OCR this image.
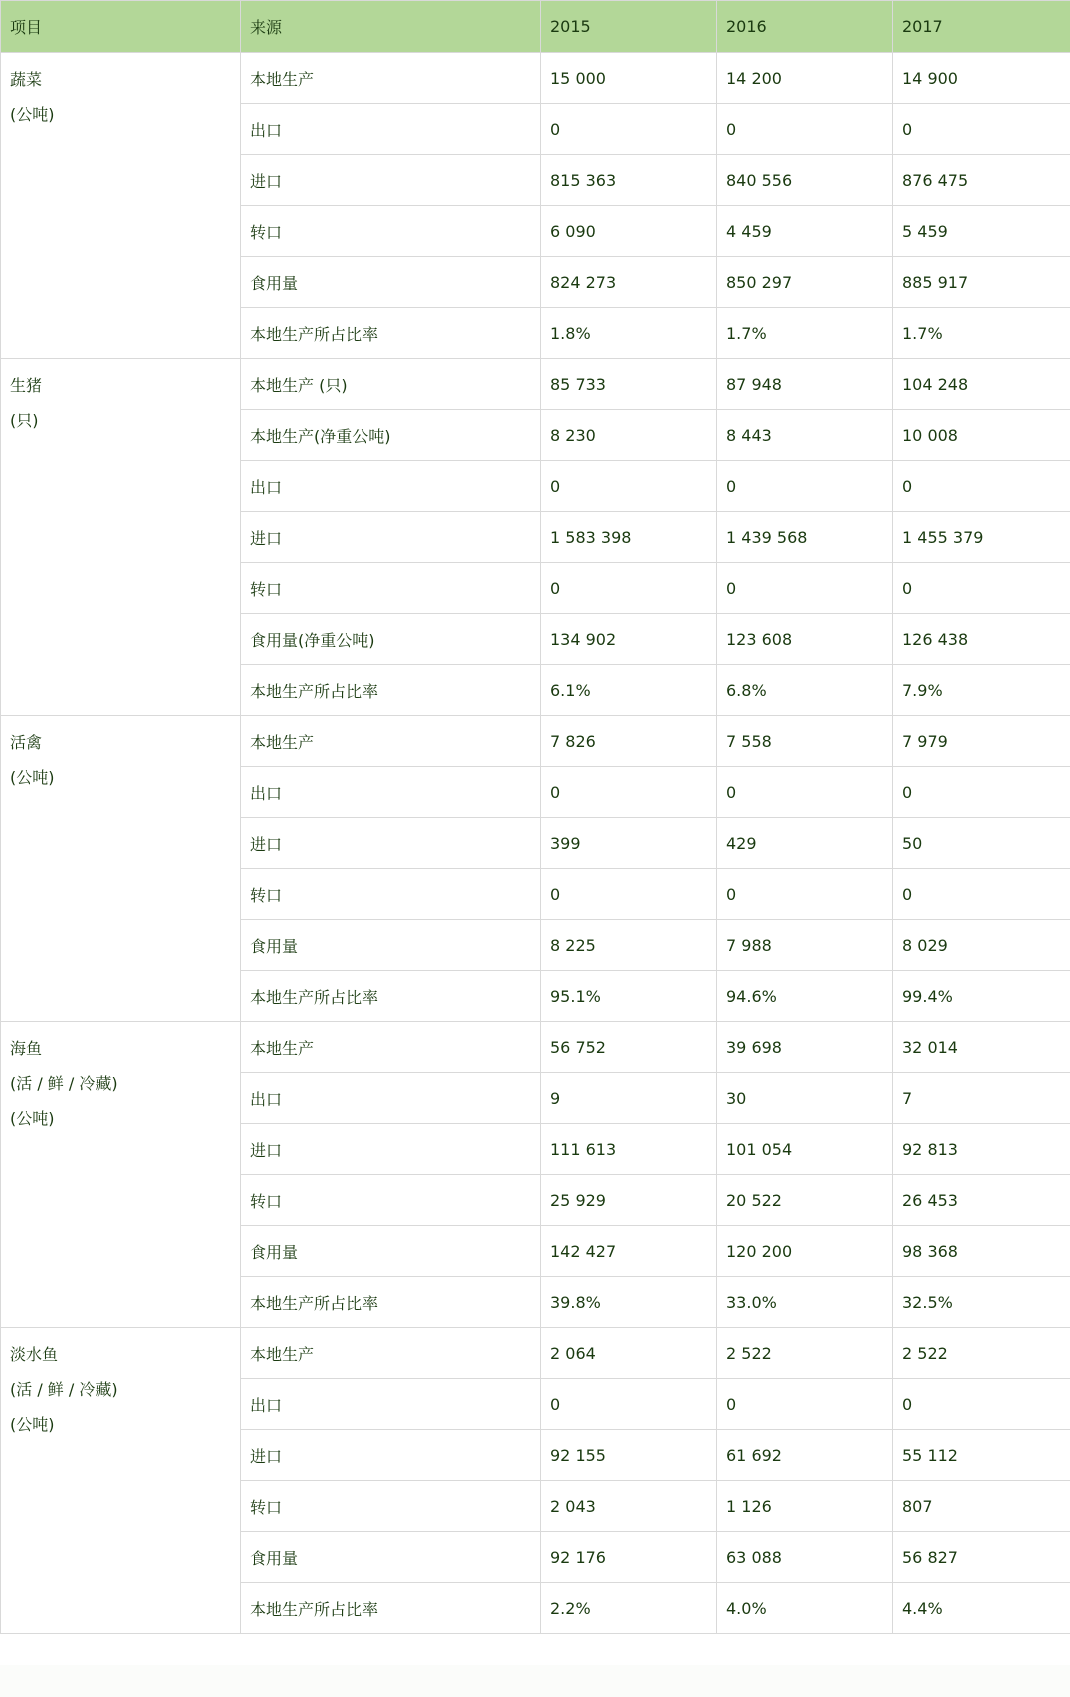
项目	来源	2015	2016	2017

蔬菜
(公吨)	本地生产	15 000	14 200	14 900
	出口	0	0	0
	进口	815 363	840 556	876 475
	转口	6 090	4 459	5 459
	食用量	824 273	850 297	885 917
	本地生产所占比率	1.8%	1.7%	1.7%

生猪
(只)	本地生产 (只)	85 733	87 948	104 248
	本地生产(净重公吨)	8 230	8 443	10 008
	出口	0	0	0
	进口	1 583 398	1 439 568	1 455 379
	转口	0	0	0
	食用量(净重公吨)	134 902	123 608	126 438
	本地生产所占比率	6.1%	6.8%	7.9%

活禽
(公吨)	本地生产	7 826	7 558	7 979
	出口	0	0	0
	进口	399	429	50
	转口	0	0	0
	食用量	8 225	7 988	8 029
	本地生产所占比率	95.1%	94.6%	99.4%

海鱼
(活 / 鲜 / 冷藏)
(公吨)	本地生产	56 752	39 698	32 014
	出口	9	30	7
	进口	111 613	101 054	92 813
	转口	25 929	20 522	26 453
	食用量	142 427	120 200	98 368
	本地生产所占比率	39.8%	33.0%	32.5%

淡水鱼
(活 / 鲜 / 冷藏)
(公吨)	本地生产	2 064	2 522	2 522
	出口	0	0	0
	进口	92 155	61 692	55 112
	转口	2 043	1 126	807
	食用量	92 176	63 088	56 827
	本地生产所占比率	2.2%	4.0%	4.4%
